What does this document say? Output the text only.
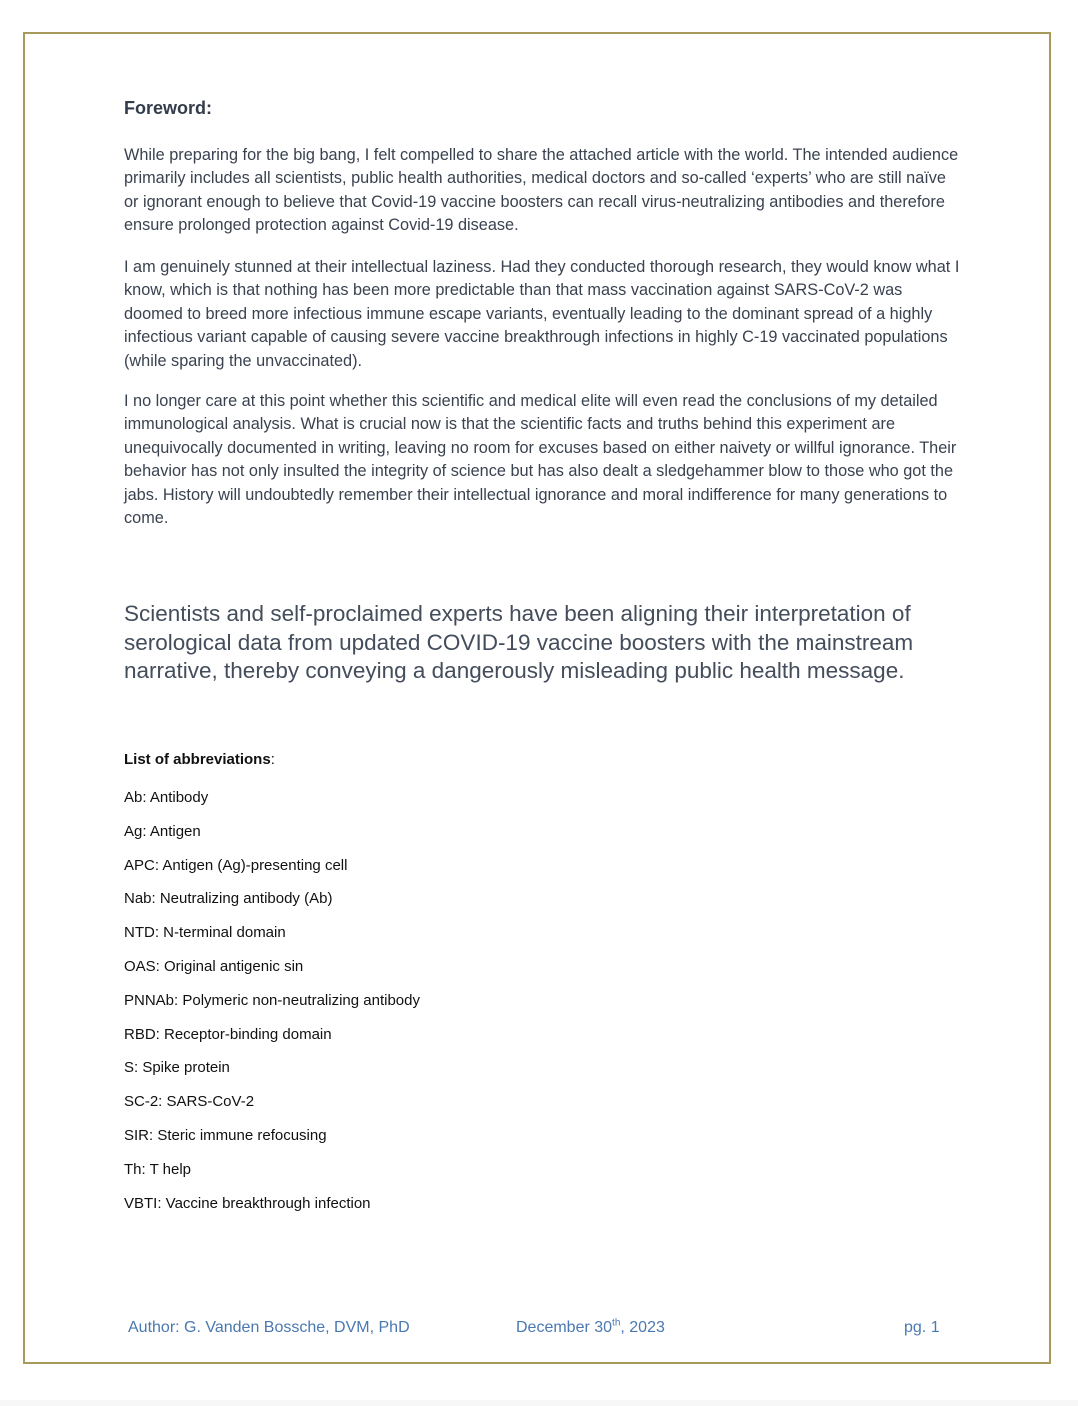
Foreword:

While preparing for the big bang, I felt compelled to share the attached article with the world. The intended audience primarily includes all scientists, public health authorities, medical doctors and so-called ‘experts’ who are still naïve or ignorant enough to believe that Covid-19 vaccine boosters can recall virus-neutralizing antibodies and therefore ensure prolonged protection against Covid-19 disease.

I am genuinely stunned at their intellectual laziness. Had they conducted thorough research, they would know what I know, which is that nothing has been more predictable than that mass vaccination against SARS-CoV-2 was doomed to breed more infectious immune escape variants, eventually leading to the dominant spread of a highly infectious variant capable of causing severe vaccine breakthrough infections in highly C-19 vaccinated populations (while sparing the unvaccinated).

I no longer care at this point whether this scientific and medical elite will even read the conclusions of my detailed immunological analysis. What is crucial now is that the scientific facts and truths behind this experiment are unequivocally documented in writing, leaving no room for excuses based on either naivety or willful ignorance. Their behavior has not only insulted the integrity of science but has also dealt a sledgehammer blow to those who got the jabs. History will undoubtedly remember their intellectual ignorance and moral indifference for many generations to come.

Scientists and self-proclaimed experts have been aligning their interpretation of serological data from updated COVID-19 vaccine boosters with the mainstream narrative, thereby conveying a dangerously misleading public health message.

List of abbreviations:

Ab: Antibody
Ag: Antigen
APC: Antigen (Ag)-presenting cell
Nab: Neutralizing antibody (Ab)
NTD: N-terminal domain
OAS: Original antigenic sin
PNNAb: Polymeric non-neutralizing antibody
RBD: Receptor-binding domain
S: Spike protein
SC-2: SARS-CoV-2
SIR: Steric immune refocusing
Th: T help
VBTI: Vaccine breakthrough infection
Author: G. Vanden Bossche, DVM, PhD	December 30th, 2023	pg. 1
